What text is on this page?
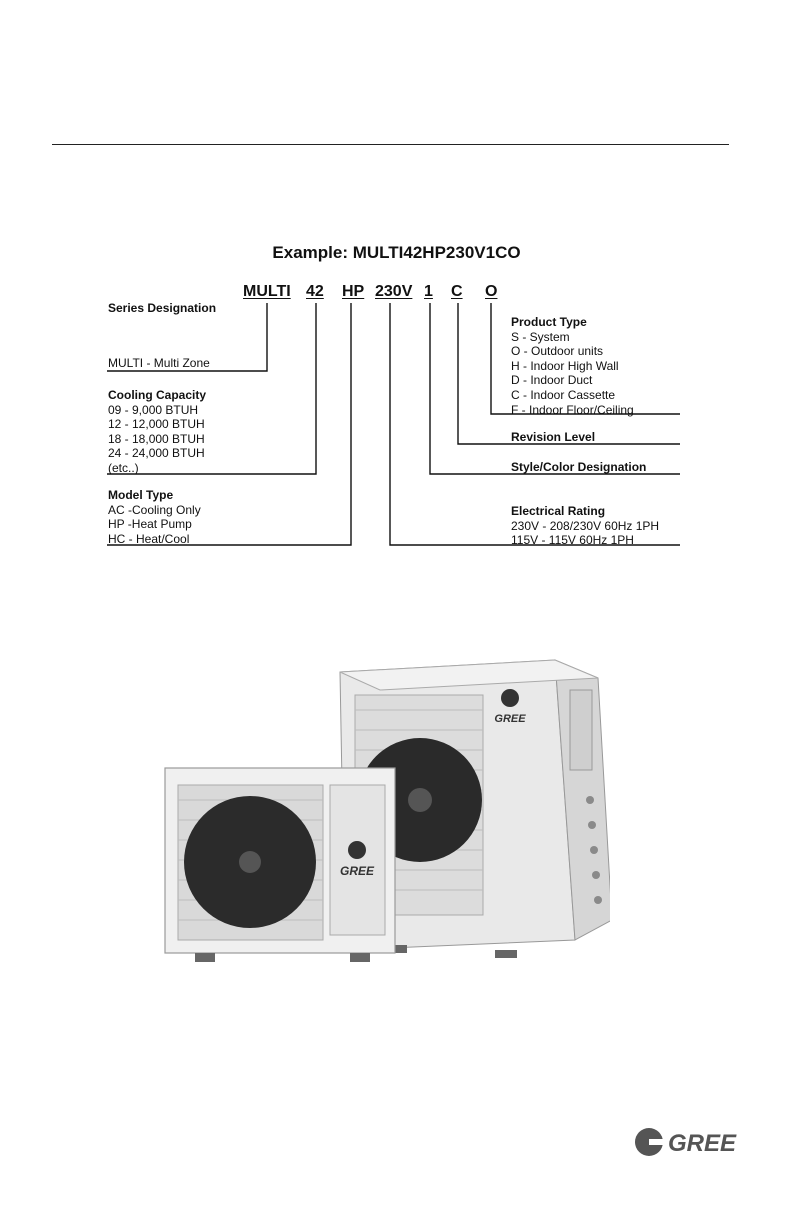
Example: MULTI42HP230V1CO
MULTI 42 HP 230V 1 C O
Series Designation
MULTI - Multi Zone
Cooling Capacity
09 - 9,000 BTUH
12 - 12,000 BTUH
18 - 18,000 BTUH
24 - 24,000 BTUH
(etc..)
Model Type
AC -Cooling Only
HP -Heat Pump
HC - Heat/Cool
Product Type
S - System
O - Outdoor units
H - Indoor High Wall
D - Indoor Duct
C - Indoor Cassette
F - Indoor Floor/Ceiling
Revision Level
Style/Color Designation
Electrical Rating
230V - 208/230V 60Hz 1PH
115V - 115V 60Hz 1PH
GREE
GREE
GREE
